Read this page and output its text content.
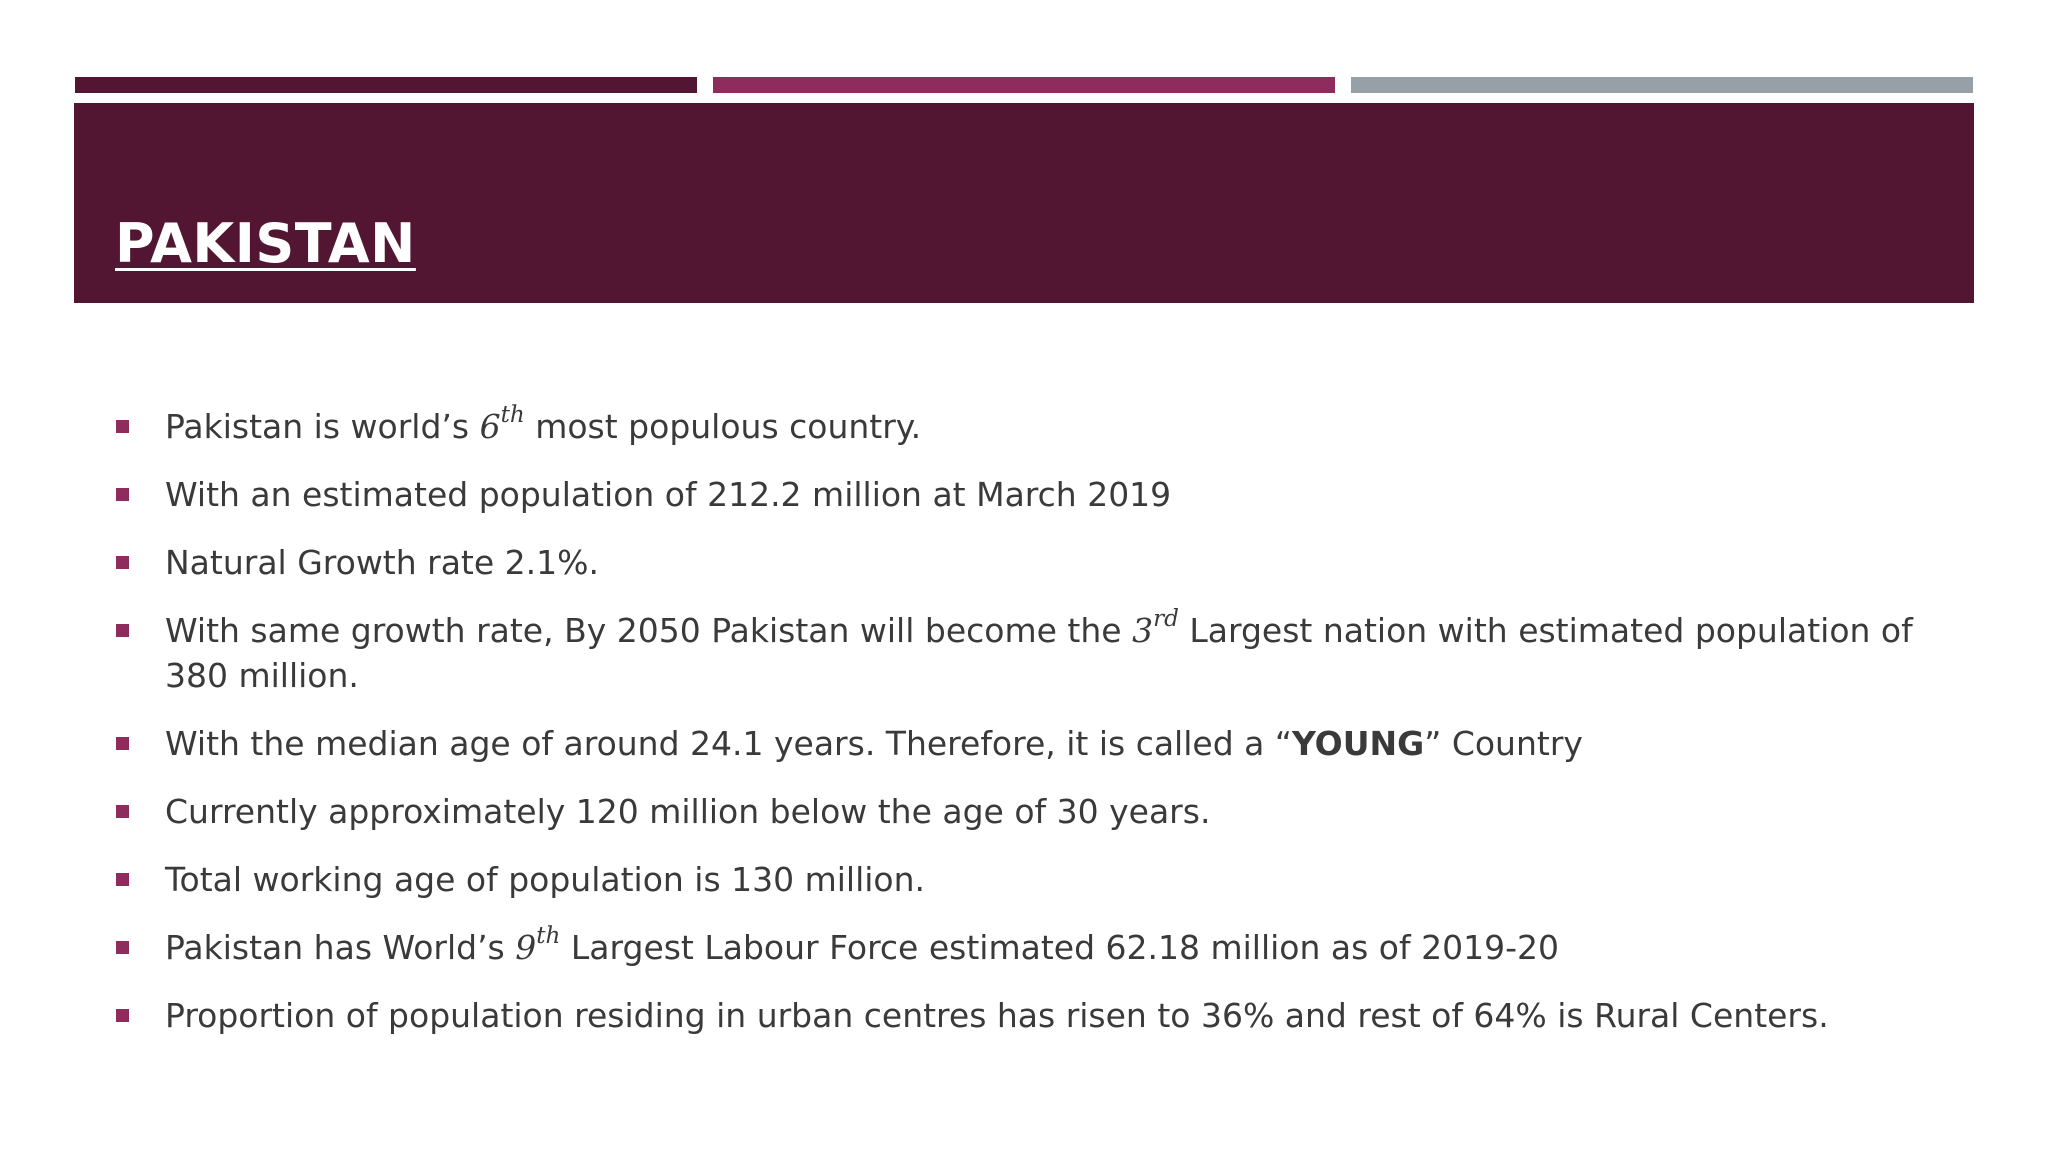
PAKISTAN
Pakistan is world’s 6th most populous country.
With an estimated population of 212.2 million at March 2019
Natural Growth rate 2.1%.
With same growth rate, By 2050 Pakistan will become the 3rd Largest nation with estimated population of 380 million.
With the median age of around 24.1 years. Therefore, it is called a “YOUNG” Country
Currently approximately 120 million below the age of 30 years.
Total working age of population is 130 million.
Pakistan has World’s 9th Largest Labour Force estimated 62.18 million as of 2019-20
Proportion of population residing in urban centres has risen to 36% and rest of 64% is Rural Centers.
